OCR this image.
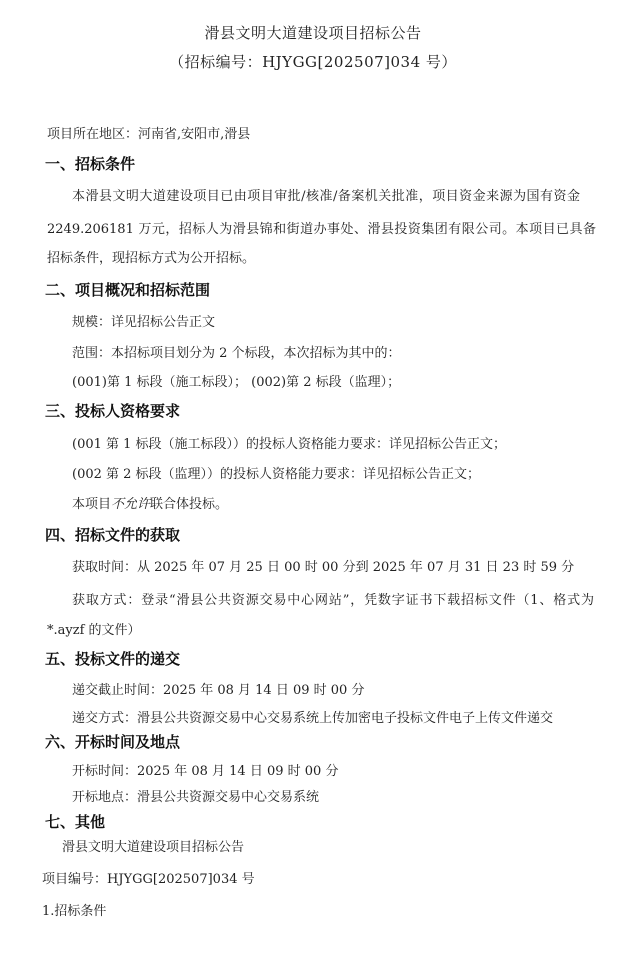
滑县文明大道建设项目招标公告
（招标编号：HJYGG[202507]034 号）
项目所在地区：河南省,安阳市,滑县
一、招标条件
本滑县文明大道建设项目已由项目审批/核准/备案机关批准，项目资金来源为国有资金
2249.206181 万元，招标人为滑县锦和街道办事处、滑县投资集团有限公司。本项目已具备
招标条件，现招标方式为公开招标。
二、项目概况和招标范围
规模：详见招标公告正文
范围：本招标项目划分为 2 个标段，本次招标为其中的：
(001)第 1 标段（施工标段）； (002)第 2 标段（监理）；
三、投标人资格要求
(001 第 1 标段（施工标段））的投标人资格能力要求：详见招标公告正文；
(002 第 2 标段（监理））的投标人资格能力要求：详见招标公告正文；
本项目不允许联合体投标。
四、招标文件的获取
获取时间：从 2025 年 07 月 25 日 00 时 00 分到 2025 年 07 月 31 日 23 时 59 分
获取方式：登录“滑县公共资源交易中心网站”，凭数字证书下载招标文件（1、格式为
*.ayzf 的文件）
五、投标文件的递交
递交截止时间：2025 年 08 月 14 日 09 时 00 分
递交方式：滑县公共资源交易中心交易系统上传加密电子投标文件电子上传文件递交
六、开标时间及地点
开标时间：2025 年 08 月 14 日 09 时 00 分
开标地点：滑县公共资源交易中心交易系统
七、其他
滑县文明大道建设项目招标公告
项目编号：HJYGG[202507]034 号
1.招标条件
